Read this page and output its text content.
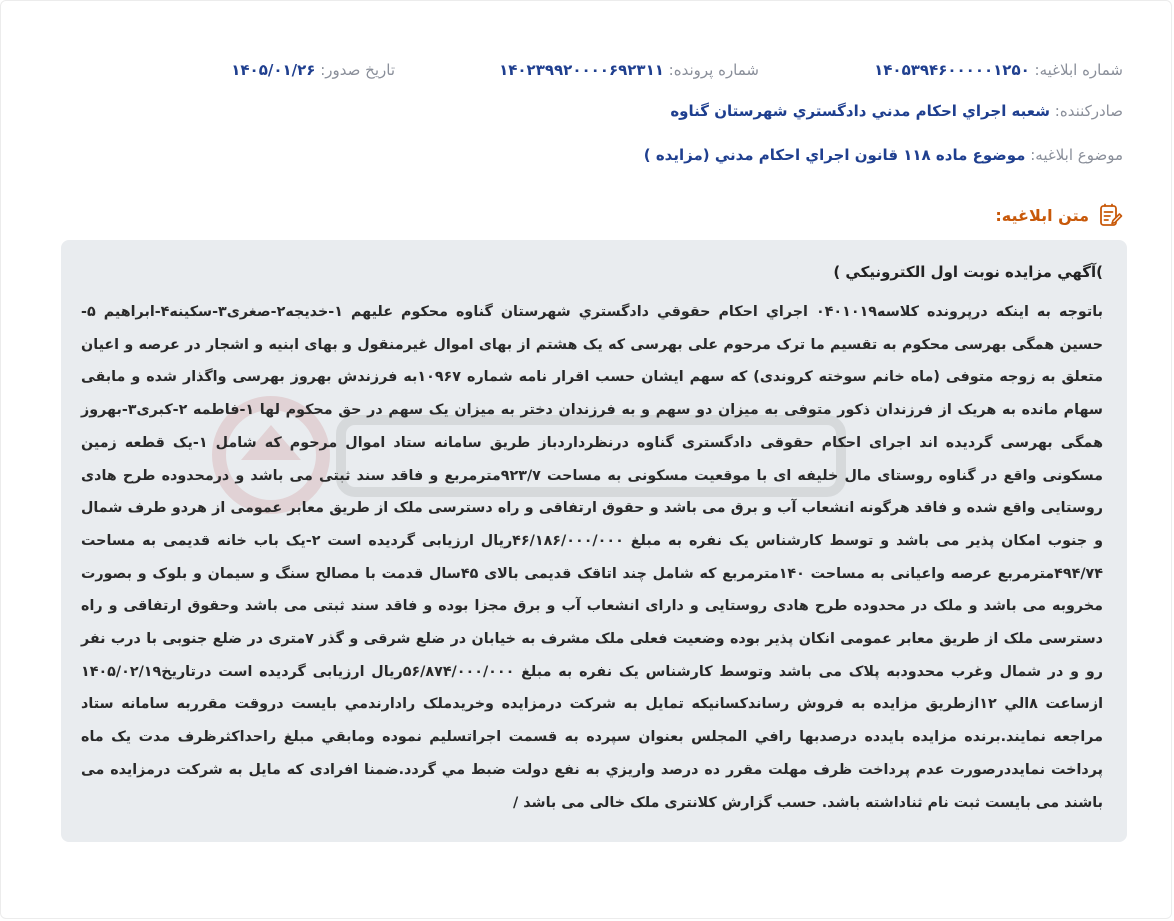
شماره ابلاغیه: ۱۴۰۵۳۹۴۶۰۰۰۰۰۱۲۵۰
شماره پرونده: ۱۴۰۲۳۹۹۲۰۰۰۰۶۹۲۳۱۱
تاریخ صدور: ۱۴۰۵/۰۱/۲۶
صادرکننده: شعبه اجراي احكام مدني دادگستري شهرستان گناوه
موضوع ابلاغیه: موضوع ماده ۱۱۸ قانون اجراي احكام مدني (مزايده )
متن ابلاغیه:

)آگهي مزايده نوبت اول الكترونيكي )

باتوجه به اينكه درپرونده كلاسه۰۴۰۱۰۱۹ اجراي احكام حقوقي دادگستري شهرستان گناوه محكوم عليهم ۱-خديجه۲-صغری۳-سكينه۴-ابراهيم ۵-حسين همگی بهرسی محكوم به تقسيم ما ترک مرحوم علی بهرسی که يک هشتم از بهای اموال غيرمنقول و بهای ابنيه و اشجار در عرصه و اعيان متعلق به زوجه متوفی (ماه خانم سوخته كروندی) كه سهم ايشان حسب اقرار نامه شماره ۱۰۹۶۷به فرزندش بهروز بهرسی واگذار شده و مابقی سهام مانده به هريک از فرزندان ذكور متوفی به ميزان دو سهم و به فرزندان دختر به ميزان يک سهم در حق محكوم لها ۱-فاطمه ۲-كبری۳-بهروز همگی بهرسی گرديده اند اجرای احكام حقوقی دادگستری گناوه درنظرداردباز طريق سامانه ستاد اموال مرحوم كه شامل ۱-يک قطعه زمين مسكونی واقع در گناوه روستای مال خليفه ای با موقعيت مسكونی به مساحت ۹۲۳/۷مترمربع و فاقد سند ثبتی می باشد و درمحدوده طرح هادی روستايی واقع شده و فاقد هرگونه انشعاب آب و برق می باشد و حقوق ارتفاقی و راه دسترسی ملک از طريق معابر عمومی از هردو طرف شمال و جنوب امكان پذير می باشد و توسط كارشناس يک نفره به مبلغ ۴۶/۱۸۶/۰۰۰/۰۰۰ريال ارزيابی گرديده است ۲-يک باب خانه قديمی به مساحت ۴۹۴/۷۴مترمربع عرصه واعيانی به مساحت ۱۴۰مترمربع كه شامل چند اتاقک قديمی بالای ۴۵سال قدمت با مصالح سنگ و سيمان و بلوک و بصورت مخروبه می باشد و ملک در محدوده طرح هادی روستايی و دارای انشعاب آب و برق مجزا بوده و فاقد سند ثبتی می باشد وحقوق ارتفاقی و راه دسترسی ملک از طريق معابر عمومی انكان پذير بوده وضعيت فعلی ملک مشرف به خيابان در ضلع شرقی و گذر ۷متری در ضلع جنوبی با درب نفر رو و در شمال وغرب محدودبه پلاک می باشد وتوسط كارشناس يک نفره به مبلغ ۵۶/۸۷۴/۰۰۰/۰۰۰ريال ارزيابی گرديده است درتاريخ۱۴۰۵/۰۲/۱۹ ازساعت ۸الي ۱۲ازطريق مزايده به فروش رساندكسانيكه تمايل به شركت درمزايده وخريدملک رادارندمي بايست دروقت مقرربه سامانه ستاد مراجعه نمايند.برنده مزايده بايدده درصدبها رافي المجلس بعنوان سپرده به قسمت اجراتسليم نموده ومابقي مبلغ راحداكثرظرف مدت يک ماه پرداخت نمايددرصورت عدم پرداخت ظرف مهلت مقرر ده درصد واريزي به نفع دولت ضبط مي گردد.ضمنا افرادی كه مايل به شركت درمزايده می باشند می بايست ثبت نام ثناداشته باشد. حسب گزارش كلانتری ملک خالی می باشد /
